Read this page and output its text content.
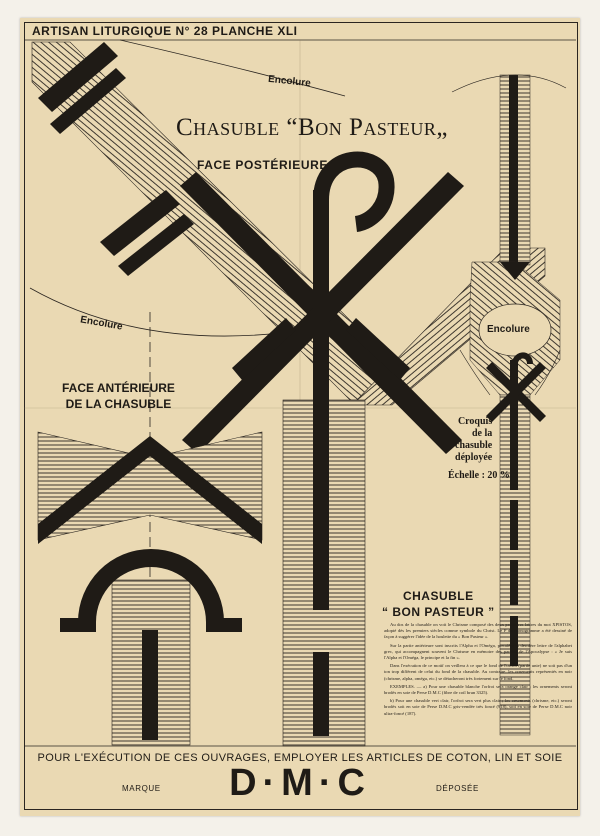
ARTISAN LITURGIQUE N° 28 PLANCHE XLI
Chasuble “Bon Pasteur„
FACE POSTÉRIEURE
Encolure
Encolure	Encolure
FACE ANTÉRIEURE
DE LA CHASUBLE
Croquis
de la
chasuble
déployée
Échelle : 20 %
CHASUBLE
“ BON PASTEUR ”

Au dos de la chasuble on voit le Chrisme composé des deux premières lettres du mot XPISTOS, adopté dès les premiers siècles comme symbole du Christ. Le P du monogramme a été dessiné de façon à suggérer l'idée de la houlette du « Bon Pasteur ».

Sur la partie antérieure sont inscrits l'Alpha et l'Oméga, première et dernière lettre de l'alphabet grec, qui accompagnent souvent le Chrisme en mémoire des paroles de l'Apocalypse : « Je suis l'Alpha et l'Oméga, le principe et la fin ».

Dans l'exécution de ce motif on veillera à ce que le fond de l'orfroi (partie unie) ne soit pas d'un ton trop différent de celui du fond de la chasuble. Au contraire, les ornements représentés en noir (chrisme, alpha, oméga, etc.) se détacheront très fortement sur le fond.

EXEMPLES. — a) Pour une chasuble blanche l'orfroi sera orange clair ; les ornements seront brodés en soie de Perse D.M.C (fibre de coil brun 3325).

b) Pour une chasuble vert clair, l'orfroi sera vert plus clair ; les ornements (chrisme, etc.) seront brodés soit en soie de Perse D.M.C gris-vendée très foncé (918), soit en soie de Perse D.M.C noir ultra-foncé (187).

POUR L'EXÉCUTION DE CES OUVRAGES, EMPLOYER LES ARTICLES DE COTON, LIN ET SOIE
D·M·C
MARQUE	DÉPOSÉE
